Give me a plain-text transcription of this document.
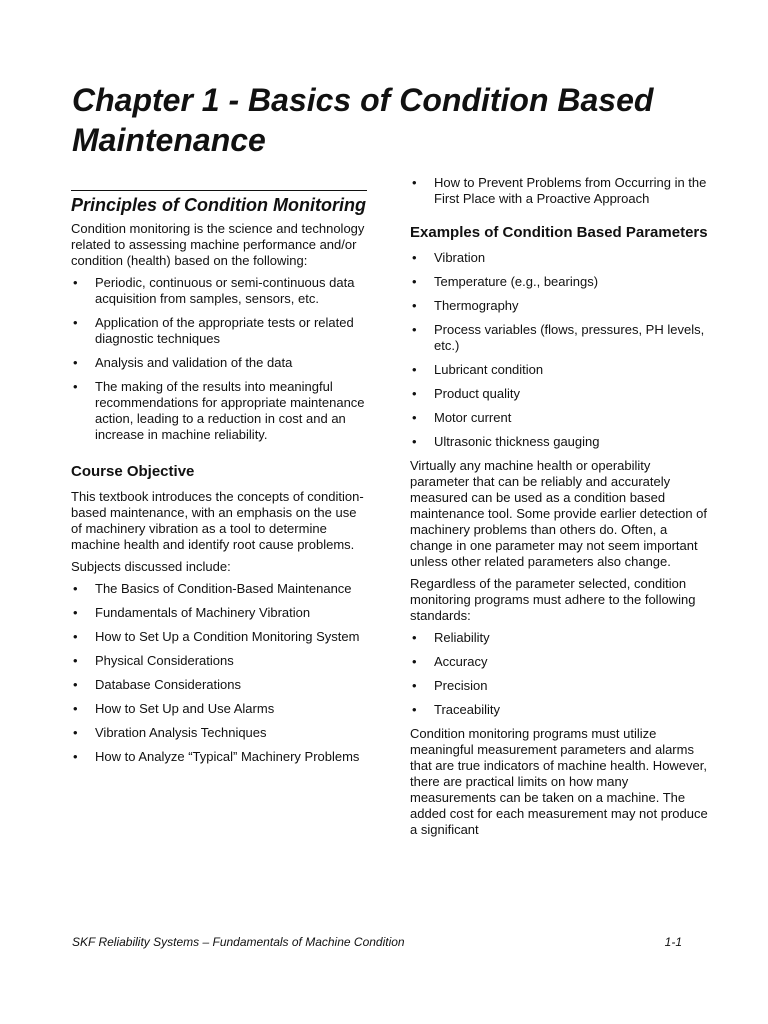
Chapter 1 - Basics of Condition Based Maintenance
Principles of Condition Monitoring

Condition monitoring is the science and technology related to assessing machine performance and/or condition (health) based on the following:

• Periodic, continuous or semi-continuous data acquisition from samples, sensors, etc.
• Application of the appropriate tests or related diagnostic techniques
• Analysis and validation of the data
• The making of the results into meaningful recommendations for appropriate maintenance action, leading to a reduction in cost and an increase in machine reliability.
Course Objective

This textbook introduces the concepts of condition-based maintenance, with an emphasis on the use of machinery vibration as a tool to determine machine health and identify root cause problems.

Subjects discussed include:

• The Basics of Condition-Based Maintenance
• Fundamentals of Machinery Vibration
• How to Set Up a Condition Monitoring System
• Physical Considerations
• Database Considerations
• How to Set Up and Use Alarms
• Vibration Analysis Techniques
• How to Analyze “Typical” Machinery Problems
• How to Prevent Problems from Occurring in the First Place with a Proactive Approach
Examples of Condition Based Parameters
• Vibration
• Temperature (e.g., bearings)
• Thermography
• Process variables (flows, pressures, PH levels, etc.)
• Lubricant condition
• Product quality
• Motor current
• Ultrasonic thickness gauging

Virtually any machine health or operability parameter that can be reliably and accurately measured can be used as a condition based maintenance tool. Some provide earlier detection of machinery problems than others do. Often, a change in one parameter may not seem important unless other related parameters also change.

Regardless of the parameter selected, condition monitoring programs must adhere to the following standards:

• Reliability
• Accuracy
• Precision
• Traceability

Condition monitoring programs must utilize meaningful measurement parameters and alarms that are true indicators of machine health. However, there are practical limits on how many measurements can be taken on a machine. The added cost for each measurement may not produce a significant

SKF Reliability Systems – Fundamentals of Machine Condition	1-1
